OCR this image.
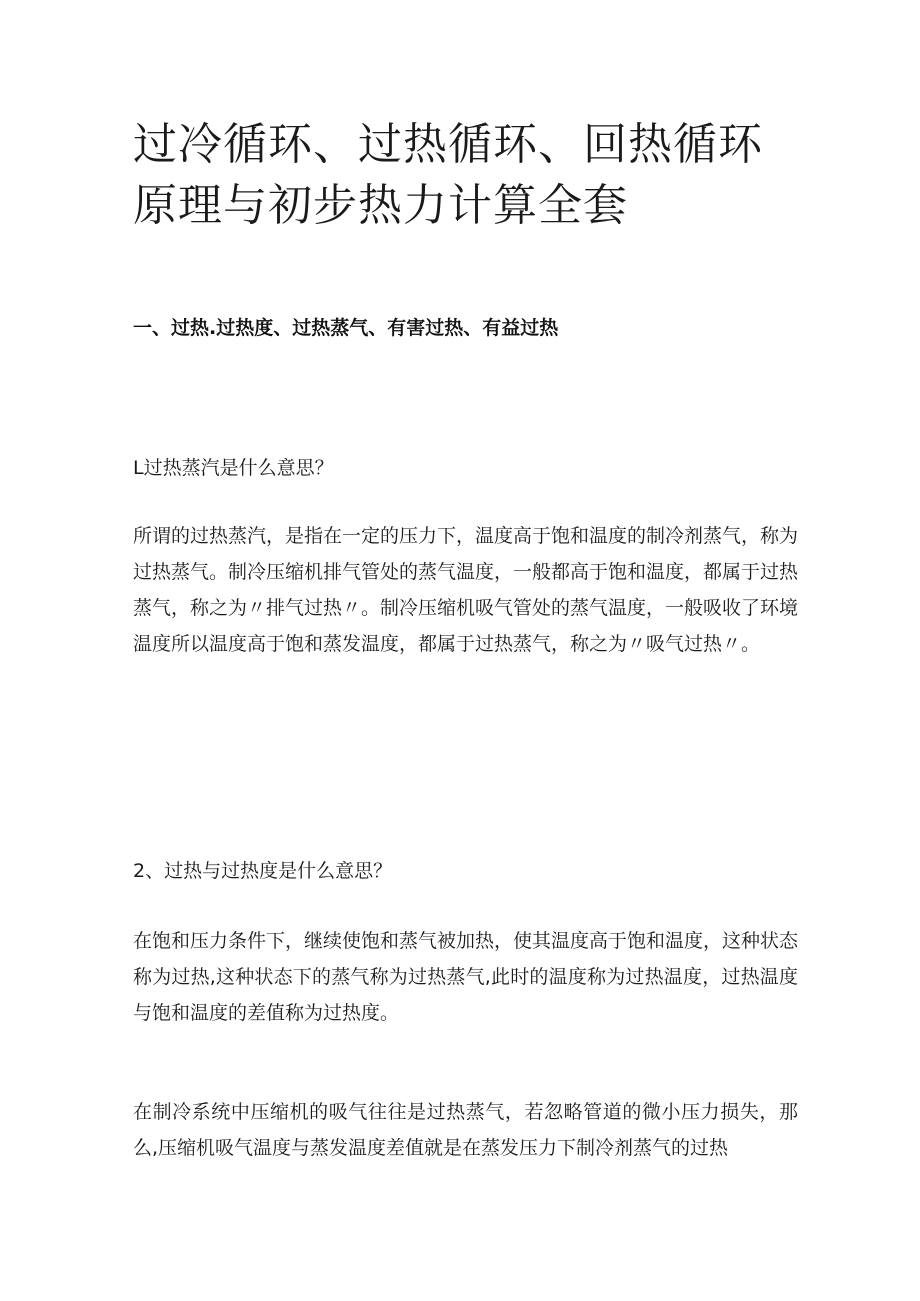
过冷循环、过热循环、回热循环原理与初步热力计算全套
一、过热.过热度、过热蒸气、有害过热、有益过热
L过热蒸汽是什么意思？

所谓的过热蒸汽，是指在一定的压力下，温度高于饱和温度的制冷剂蒸气，称为过热蒸气。制冷压缩机排气管处的蒸气温度，一般都高于饱和温度，都属于过热蒸气，称之为〃排气过热〃。制冷压缩机吸气管处的蒸气温度，一般吸收了环境温度所以温度高于饱和蒸发温度，都属于过热蒸气，称之为〃吸气过热〃。

2、过热与过热度是什么意思？

在饱和压力条件下，继续使饱和蒸气被加热，使其温度高于饱和温度，这种状态称为过热,这种状态下的蒸气称为过热蒸气,此时的温度称为过热温度，过热温度与饱和温度的差值称为过热度。

在制冷系统中压缩机的吸气往往是过热蒸气，若忽略管道的微小压力损失，那么,压缩机吸气温度与蒸发温度差值就是在蒸发压力下制冷剂蒸气的过热
